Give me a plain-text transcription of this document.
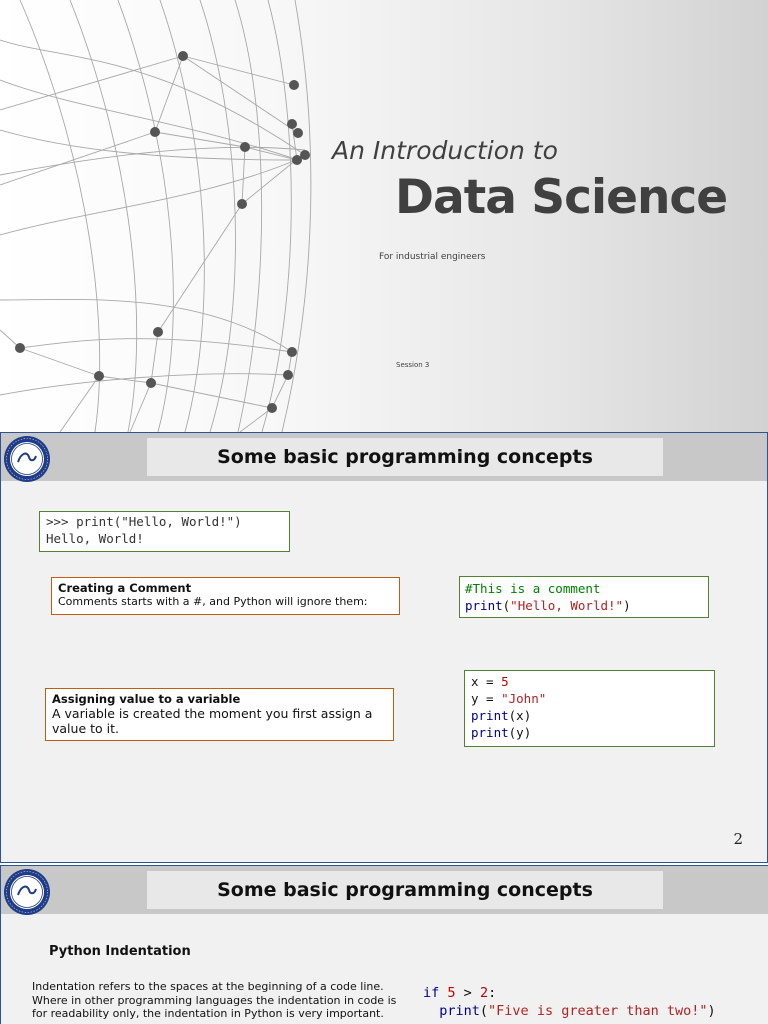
An Introduction to
Data Science
For industrial engineers
Session 3
Some basic programming concepts
>>> print("Hello, World!")
Hello, World!
Creating a Comment
Comments starts with a #, and Python will ignore them:
#This is a comment
print("Hello, World!")
Assigning value to a variable
A variable is created the moment you first assign a value to it.
x = 5
y = "John"
print(x)
print(y)
2
Some basic programming concepts
Python Indentation
Indentation refers to the spaces at the beginning of a code line. Where in other programming languages the indentation in code is for readability only, the indentation in Python is very important.
if 5 > 2:
print("Five is greater than two!")
